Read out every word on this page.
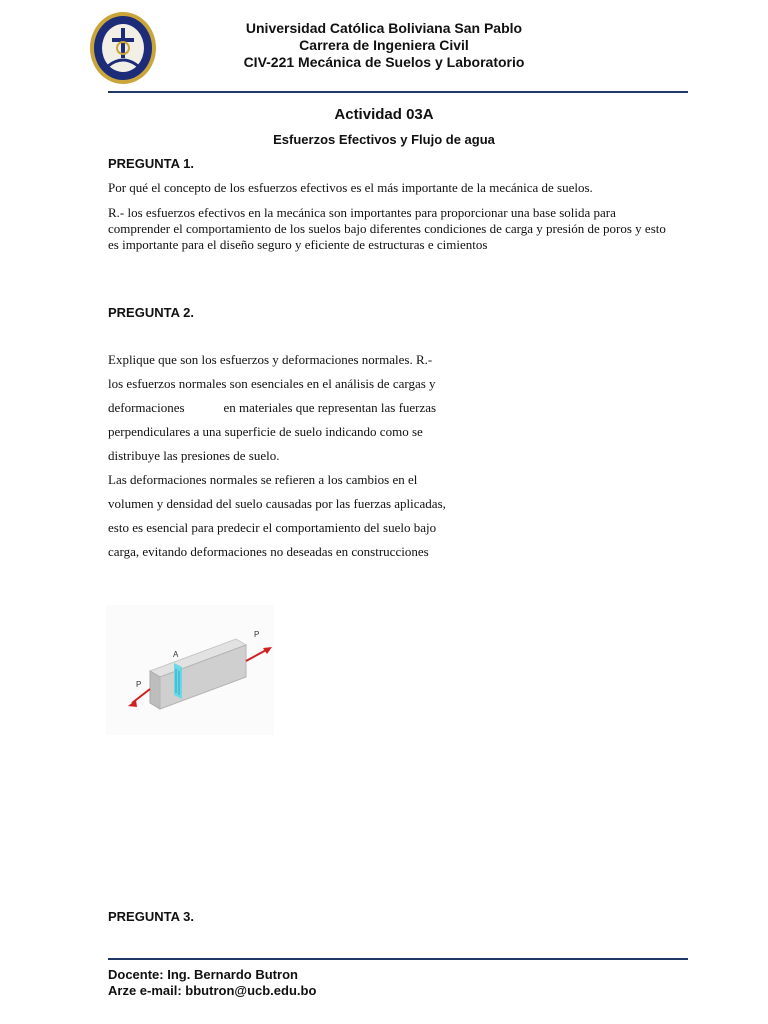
Universidad Católica Boliviana San Pablo
Carrera de Ingeniera Civil
CIV-221 Mecánica de Suelos y Laboratorio
Actividad 03A
Esfuerzos Efectivos y Flujo de agua
PREGUNTA 1.
Por qué el concepto de los esfuerzos efectivos es el más importante de la mecánica de suelos.
R.- los esfuerzos efectivos en la mecánica son importantes para proporcionar una base solida para comprender el comportamiento de los suelos bajo diferentes condiciones de carga y presión de poros y esto es importante para el diseño seguro y eficiente de estructuras e cimientos
PREGUNTA 2.
Explique que son los esfuerzos y deformaciones normales. R.-
los esfuerzos normales son esenciales en el análisis de cargas y
deformaciones            en materiales que representan las fuerzas
perpendiculares a una superficie de suelo indicando como se
distribuye las presiones de suelo.
Las deformaciones normales se refieren a los cambios en el
volumen y densidad del suelo causadas por las fuerzas aplicadas,
esto es esencial para predecir el comportamiento del suelo bajo
carga, evitando deformaciones no deseadas en construcciones
A
P
P
PREGUNTA 3.
Docente: Ing. Bernardo Butron
Arze e-mail: bbutron@ucb.edu.bo
